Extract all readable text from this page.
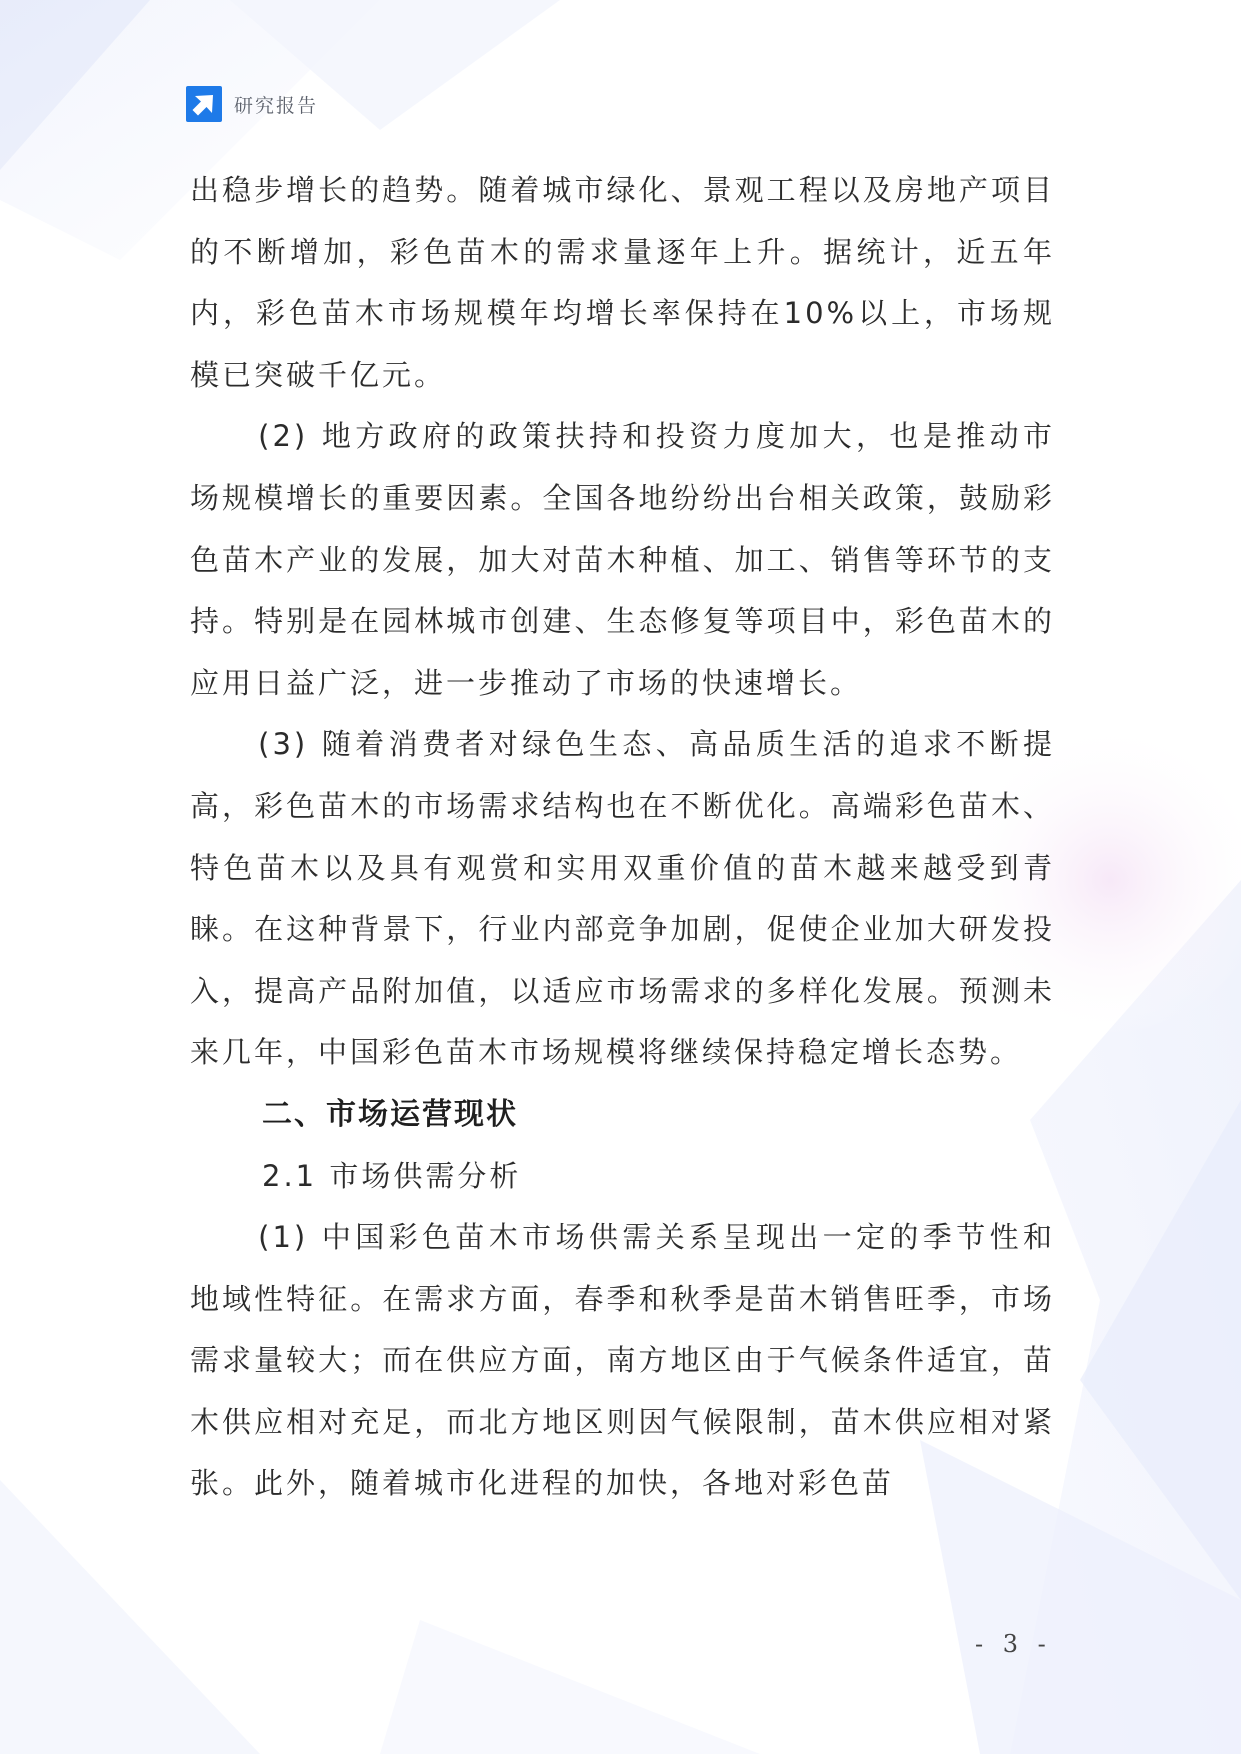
研究报告

出稳步增长的趋势。随着城市绿化、景观工程以及房地产项目的不断增加，彩色苗木的需求量逐年上升。据统计，近五年内，彩色苗木市场规模年均增长率保持在10%以上，市场规模已突破千亿元。

(2) 地方政府的政策扶持和投资力度加大，也是推动市场规模增长的重要因素。全国各地纷纷出台相关政策，鼓励彩色苗木产业的发展，加大对苗木种植、加工、销售等环节的支持。特别是在园林城市创建、生态修复等项目中，彩色苗木的应用日益广泛，进一步推动了市场的快速增长。

(3) 随着消费者对绿色生态、高品质生活的追求不断提高，彩色苗木的市场需求结构也在不断优化。高端彩色苗木、特色苗木以及具有观赏和实用双重价值的苗木越来越受到青睐。在这种背景下，行业内部竞争加剧，促使企业加大研发投入，提高产品附加值，以适应市场需求的多样化发展。预测未来几年，中国彩色苗木市场规模将继续保持稳定增长态势。

二、市场运营现状

2.1 市场供需分析

(1) 中国彩色苗木市场供需关系呈现出一定的季节性和地域性特征。在需求方面，春季和秋季是苗木销售旺季，市场需求量较大；而在供应方面，南方地区由于气候条件适宜，苗木供应相对充足，而北方地区则因气候限制，苗木供应相对紧张。此外，随着城市化进程的加快，各地对彩色苗

- 3 -
